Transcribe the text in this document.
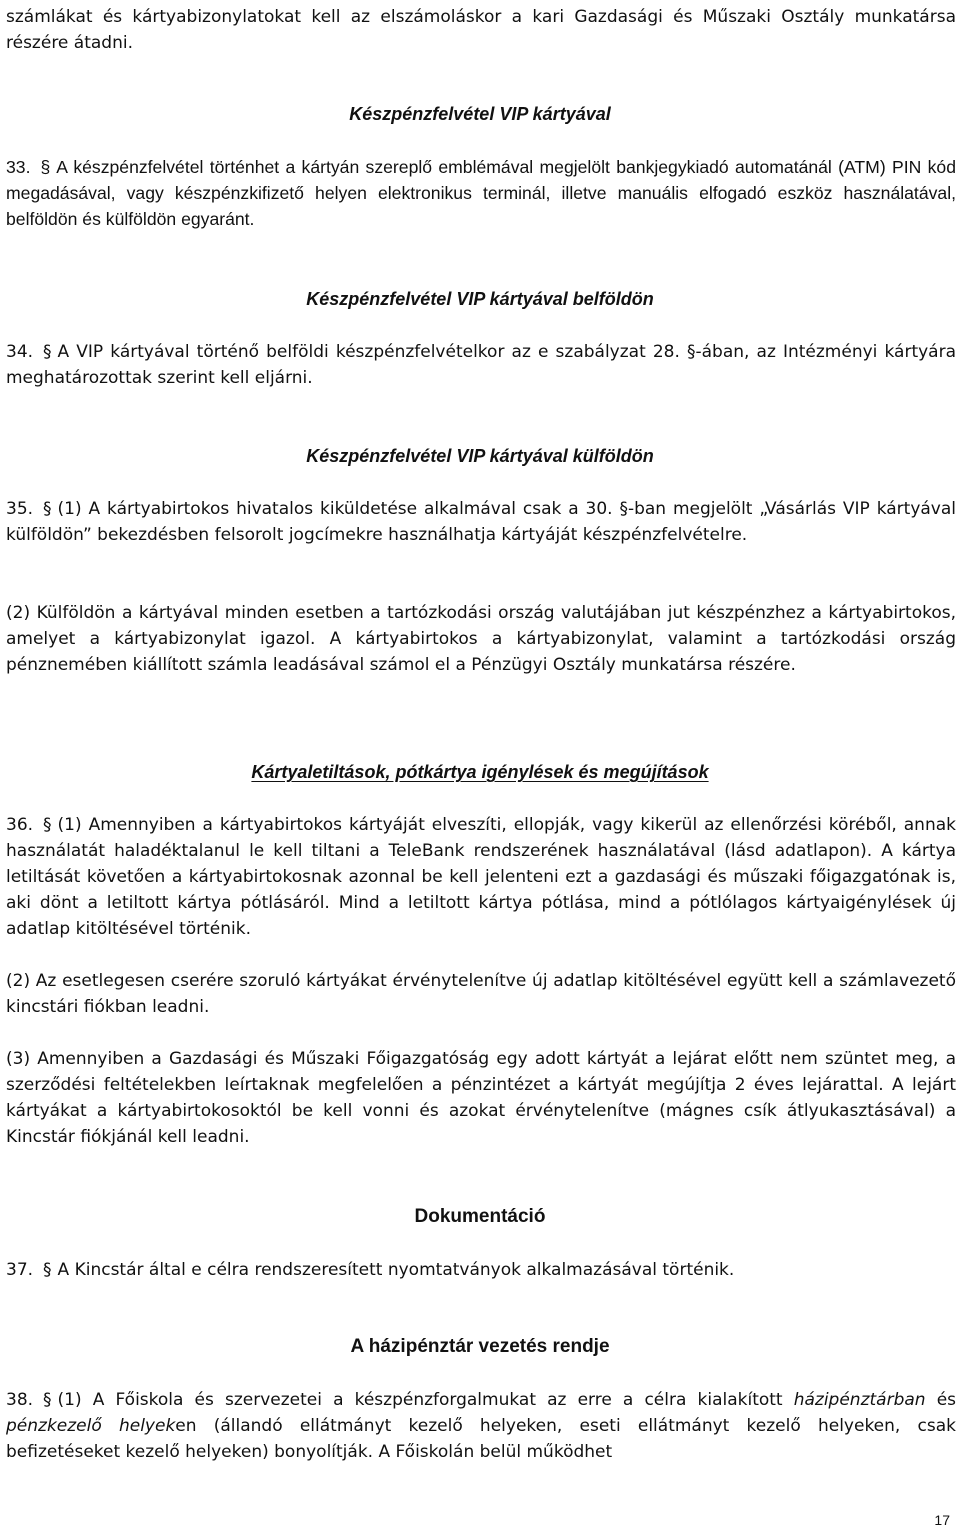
számlákat és kártyabizonylatokat kell az elszámoláskor a kari Gazdasági és Műszaki Osztály munkatársa részére átadni.

Készpénzfelvétel VIP kártyával

33. § A készpénzfelvétel történhet a kártyán szereplő emblémával megjelölt bankjegykiadó automatánál (ATM) PIN kód megadásával, vagy készpénzkifizető helyen elektronikus terminál, illetve manuális elfogadó eszköz használatával, belföldön és külföldön egyaránt.

Készpénzfelvétel VIP kártyával belföldön

34. § A VIP kártyával történő belföldi készpénzfelvételkor az e szabályzat 28. §-ában, az Intézményi kártyára meghatározottak szerint kell eljárni.

Készpénzfelvétel VIP kártyával külföldön

35. § (1) A kártyabirtokos hivatalos kiküldetése alkalmával csak a 30. §-ban megjelölt „Vásárlás VIP kártyával külföldön” bekezdésben felsorolt jogcímekre használhatja kártyáját készpénzfelvételre.

(2) Külföldön a kártyával minden esetben a tartózkodási ország valutájában jut készpénzhez a kártyabirtokos, amelyet a kártyabizonylat igazol. A kártyabirtokos a kártyabizonylat, valamint a tartózkodási ország pénznemében kiállított számla leadásával számol el a Pénzügyi Osztály munkatársa részére.

Kártyaletiltások, pótkártya igénylések és megújítások

36. § (1) Amennyiben a kártyabirtokos kártyáját elveszíti, ellopják, vagy kikerül az ellenőrzési köréből, annak használatát haladéktalanul le kell tiltani a TeleBank rendszerének használatával (lásd adatlapon). A kártya letiltását követően a kártyabirtokosnak azonnal be kell jelenteni ezt a gazdasági és műszaki főigazgatónak is, aki dönt a letiltott kártya pótlásáról. Mind a letiltott kártya pótlása, mind a pótlólagos kártyaigénylések új adatlap kitöltésével történik.

(2) Az esetlegesen cserére szoruló kártyákat érvénytelenítve új adatlap kitöltésével együtt kell a számlavezető kincstári fiókban leadni.

(3) Amennyiben a Gazdasági és Műszaki Főigazgatóság egy adott kártyát a lejárat előtt nem szüntet meg, a szerződési feltételekben leírtaknak megfelelően a pénzintézet a kártyát megújítja 2 éves lejárattal. A lejárt kártyákat a kártyabirtokosoktól be kell vonni és azokat érvénytelenítve (mágnes csík átlyukasztásával) a Kincstár fiókjánál kell leadni.

Dokumentáció

37. § A Kincstár által e célra rendszeresített nyomtatványok alkalmazásával történik.

A házipénztár vezetés rendje

38. § (1) A Főiskola és szervezetei a készpénzforgalmukat az erre a célra kialakított házipénztárban és pénzkezelő helyeken (állandó ellátmányt kezelő helyeken, eseti ellátmányt kezelő helyeken, csak befizetéseket kezelő helyeken) bonyolítják. A Főiskolán belül működhet

17
